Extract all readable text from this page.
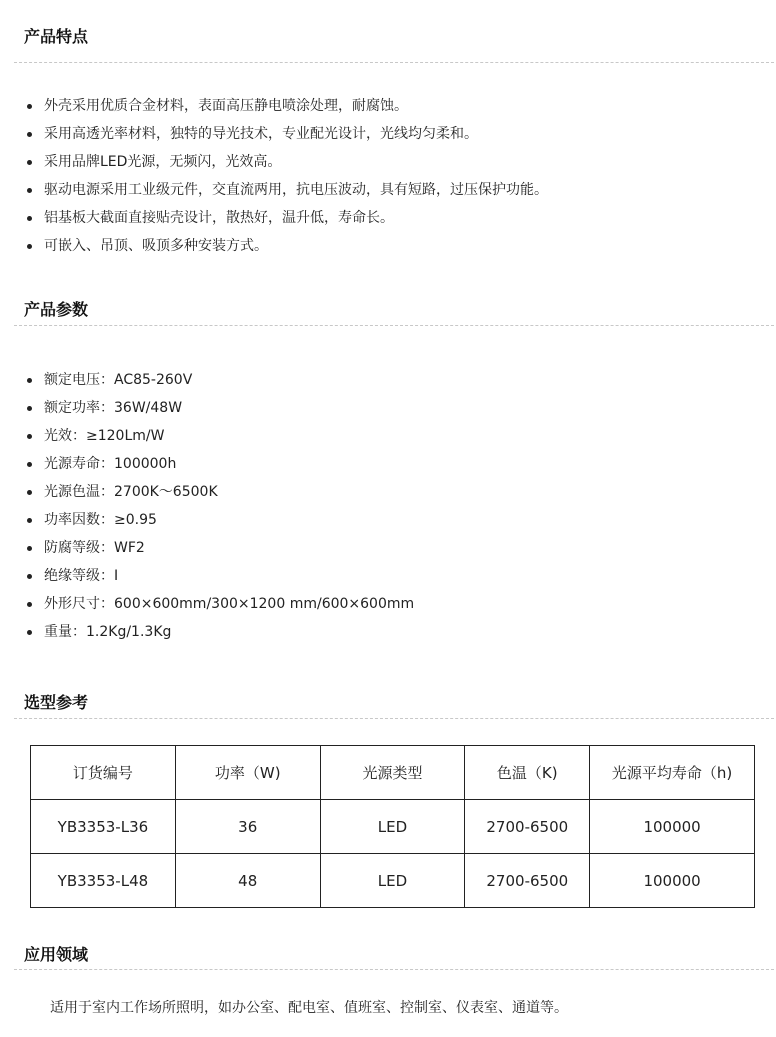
产品特点
外壳采用优质合金材料，表面高压静电喷涂处理，耐腐蚀。
采用高透光率材料，独特的导光技术，专业配光设计，光线均匀柔和。
采用品牌LED光源，无频闪，光效高。
驱动电源采用工业级元件，交直流两用，抗电压波动，具有短路，过压保护功能。
铝基板大截面直接贴壳设计，散热好，温升低，寿命长。
可嵌入、吊顶、吸顶多种安装方式。
产品参数
额定电压：AC85-260V
额定功率：36W/48W
光效：≥120Lm/W
光源寿命：100000h
光源色温：2700K～6500K
功率因数：≥0.95
防腐等级：WF2
绝缘等级：I
外形尺寸：600×600mm/300×1200 mm/600×600mm
重量：1.2Kg/1.3Kg
选型参考
订货编号	功率（W)	光源类型	色温（K)	光源平均寿命（h)
YB3353-L36	36	LED	2700-6500	100000
YB3353-L48	48	LED	2700-6500	100000
应用领域

适用于室内工作场所照明，如办公室、配电室、值班室、控制室、仪表室、通道等。
